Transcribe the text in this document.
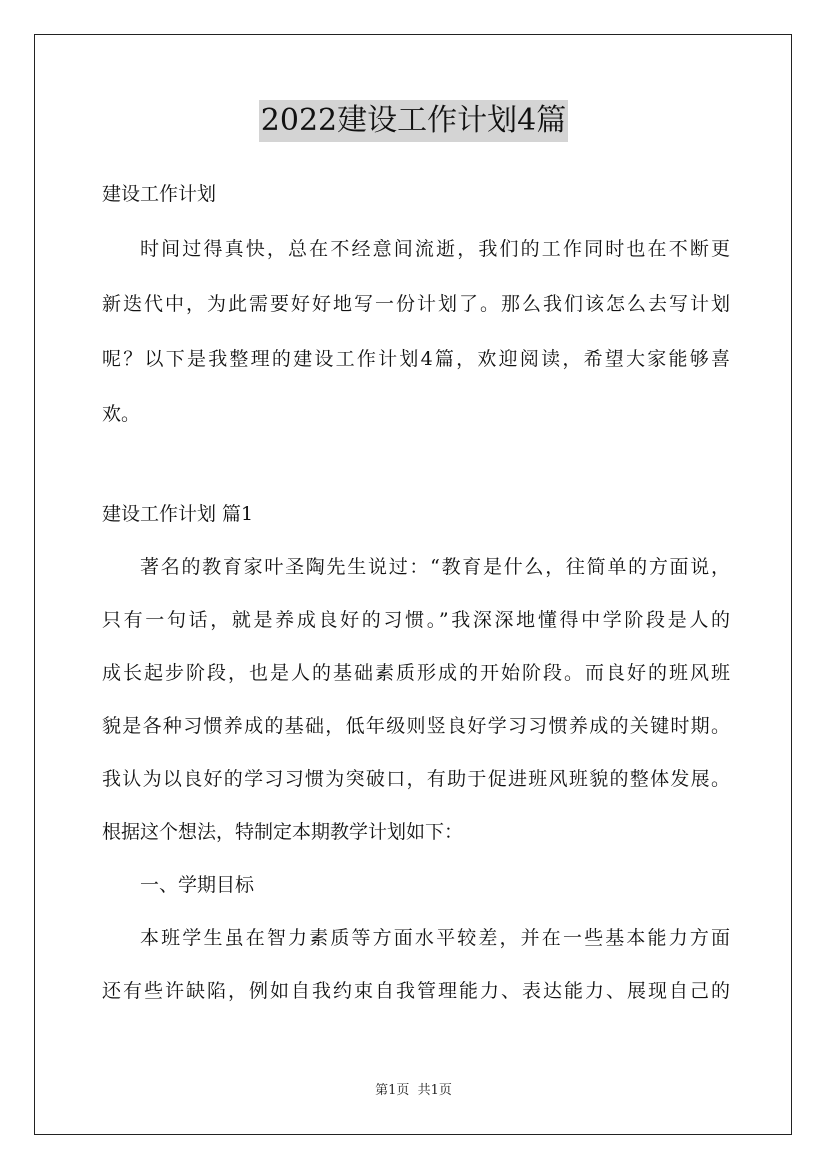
2022建设工作计划4篇
建设工作计划
时间过得真快，总在不经意间流逝，我们的工作同时也在不断更
新迭代中，为此需要好好地写一份计划了。那么我们该怎么去写计划
呢？以下是我整理的建设工作计划4篇，欢迎阅读，希望大家能够喜
欢。
建设工作计划 篇1
著名的教育家叶圣陶先生说过：“教育是什么，往简单的方面说，
只有一句话，就是养成良好的习惯。”我深深地懂得中学阶段是人的
成长起步阶段，也是人的基础素质形成的开始阶段。而良好的班风班
貌是各种习惯养成的基础，低年级则竖良好学习习惯养成的关键时期。
我认为以良好的学习习惯为突破口，有助于促进班风班貌的整体发展。
根据这个想法，特制定本期教学计划如下：
一、学期目标
本班学生虽在智力素质等方面水平较差，并在一些基本能力方面
还有些许缺陷，例如自我约束自我管理能力、表达能力、展现自己的
第1页 共1页
